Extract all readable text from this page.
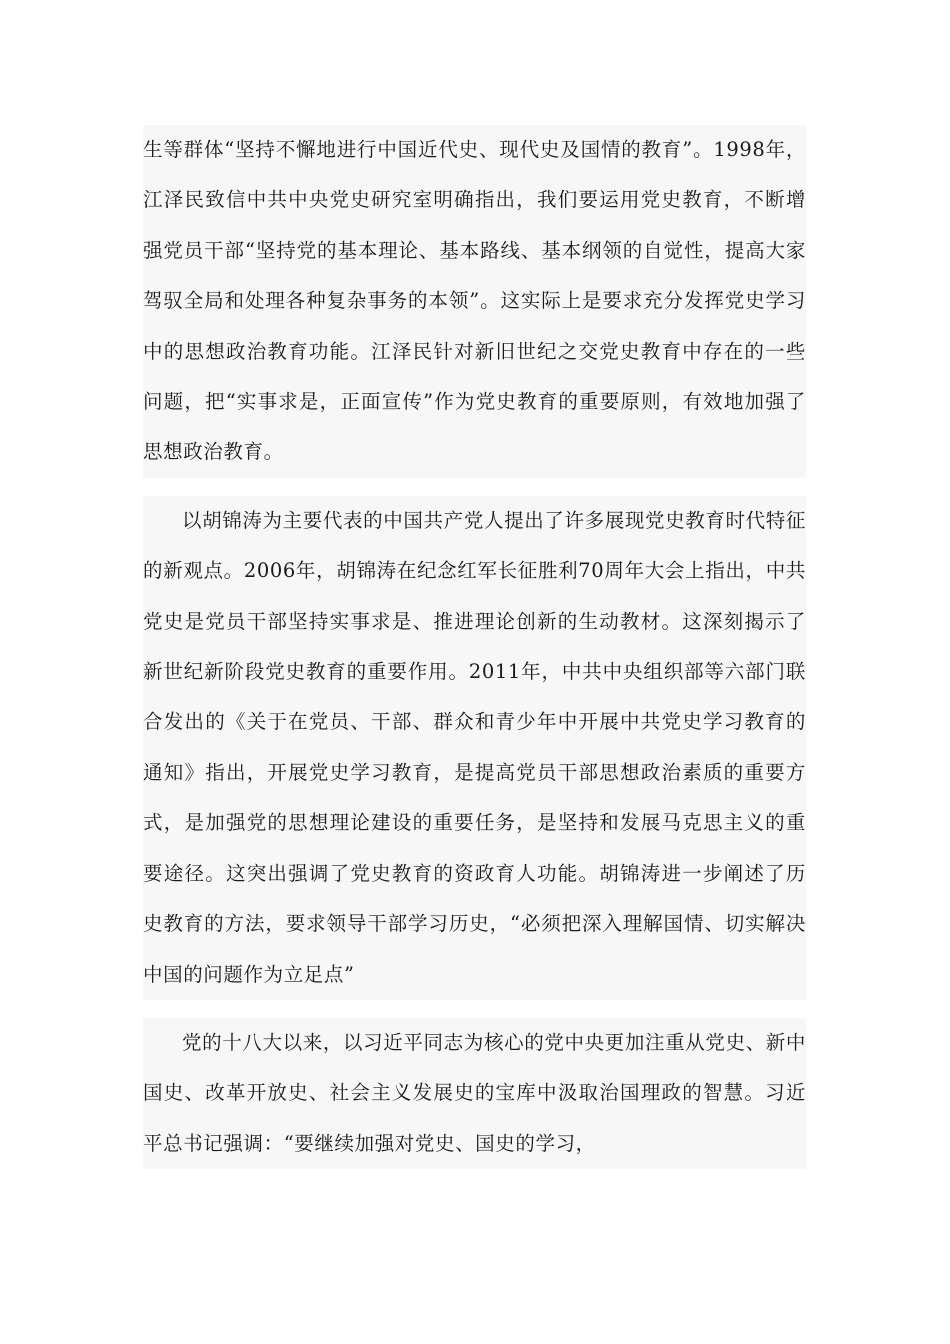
生等群体“坚持不懈地进行中国近代史、现代史及国情的教育”。1998年，江泽民致信中共中央党史研究室明确指出，我们要运用党史教育，不断增强党员干部“坚持党的基本理论、基本路线、基本纲领的自觉性，提高大家驾驭全局和处理各种复杂事务的本领”。这实际上是要求充分发挥党史学习中的思想政治教育功能。江泽民针对新旧世纪之交党史教育中存在的一些问题，把“实事求是，正面宣传”作为党史教育的重要原则，有效地加强了思想政治教育。

以胡锦涛为主要代表的中国共产党人提出了许多展现党史教育时代特征的新观点。2006年，胡锦涛在纪念红军长征胜利70周年大会上指出，中共党史是党员干部坚持实事求是、推进理论创新的生动教材。这深刻揭示了新世纪新阶段党史教育的重要作用。2011年，中共中央组织部等六部门联合发出的《关于在党员、干部、群众和青少年中开展中共党史学习教育的通知》指出，开展党史学习教育，是提高党员干部思想政治素质的重要方式，是加强党的思想理论建设的重要任务，是坚持和发展马克思主义的重要途径。这突出强调了党史教育的资政育人功能。胡锦涛进一步阐述了历史教育的方法，要求领导干部学习历史，“必须把深入理解国情、切实解决中国的问题作为立足点”

党的十八大以来，以习近平同志为核心的党中央更加注重从党史、新中国史、改革开放史、社会主义发展史的宝库中汲取治国理政的智慧。习近平总书记强调：“要继续加强对党史、国史的学习，
